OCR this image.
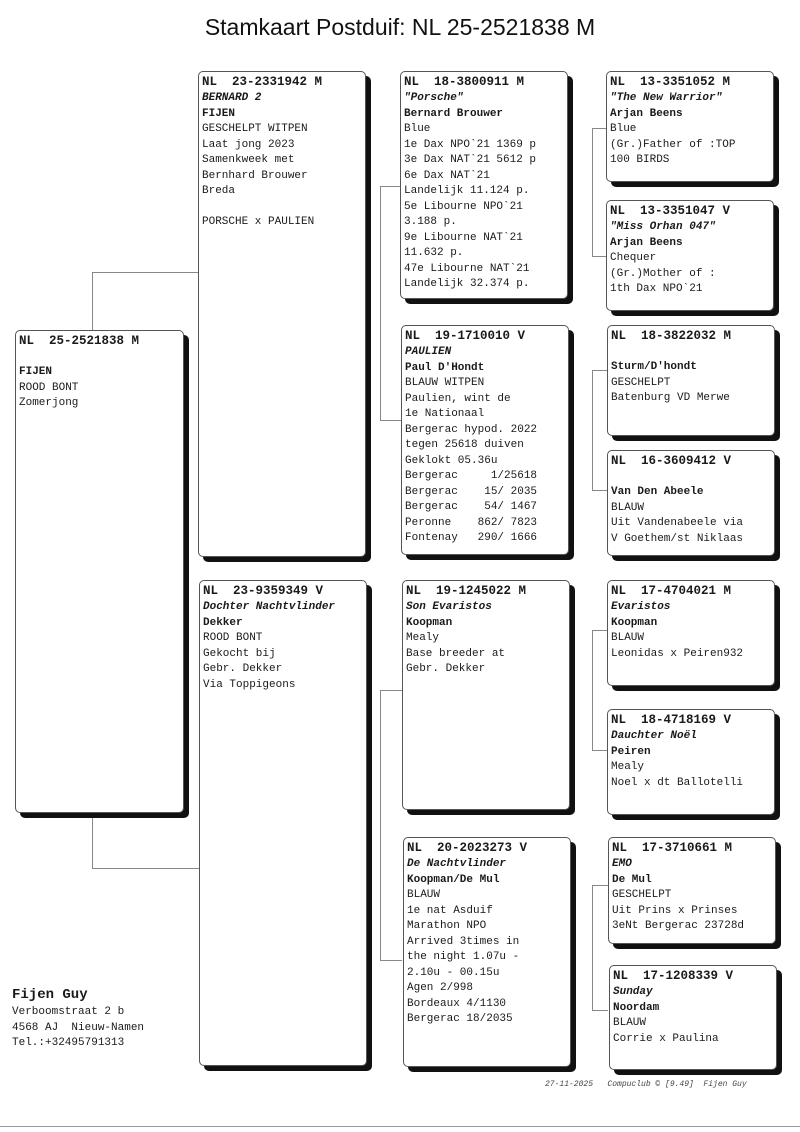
Stamkaart Postduif: NL 25-2521838 M
NL  25-2521838 M
FIJEN
ROOD BONT
Zomerjong
NL  23-2331942 M
BERNARD 2
FIJEN
GESCHELPT WITPEN
Laat jong 2023
Samenkweek met
Bernhard Brouwer
Breda
PORSCHE x PAULIEN
NL  23-9359349 V
Dochter Nachtvlinder
Dekker
ROOD BONT
Gekocht bij
Gebr. Dekker
Via Toppigeons
NL  18-3800911 M
"Porsche"
Bernard Brouwer
Blue
1e Dax NPO`21 1369 p
3e Dax NAT`21 5612 p
6e Dax NAT`21
Landelijk 11.124 p.
5e Libourne NPO`21
3.188 p.
9e Libourne NAT`21
11.632 p.
47e Libourne NAT`21
Landelijk 32.374 p.
NL  19-1710010 V
PAULIEN
Paul D'Hondt
BLAUW WITPEN
Paulien, wint de
1e Nationaal
Bergerac hypod. 2022
tegen 25618 duiven
Geklokt 05.36u
Bergerac     1/25618
Bergerac    15/ 2035
Bergerac    54/ 1467
Peronne    862/ 7823
Fontenay   290/ 1666
NL  19-1245022 M
Son Evaristos
Koopman
Mealy
Base breeder at
Gebr. Dekker
NL  20-2023273 V
De Nachtvlinder
Koopman/De Mul
BLAUW
1e nat Asduif
Marathon NPO
Arrived 3times in
the night 1.07u -
2.10u - 00.15u
Agen 2/998
Bordeaux 4/1130
Bergerac 18/2035
NL  13-3351052 M
"The New Warrior"
Arjan Beens
Blue
(Gr.)Father of :TOP
100 BIRDS
NL  13-3351047 V
"Miss Orhan 047"
Arjan Beens
Chequer
(Gr.)Mother of :
1th Dax NPO`21
NL  18-3822032 M
Sturm/D'hondt
GESCHELPT
Batenburg VD Merwe
NL  16-3609412 V
Van Den Abeele
BLAUW
Uit Vandenabeele via
V Goethem/st Niklaas
NL  17-4704021 M
Evaristos
Koopman
BLAUW
Leonidas x Peiren932
NL  18-4718169 V
Dauchter Noël
Peiren
Mealy
Noel x dt Ballotelli
NL  17-3710661 M
EMO
De Mul
GESCHELPT
Uit Prins x Prinses
3eNt Bergerac 23728d
NL  17-1208339 V
Sunday
Noordam
BLAUW
Corrie x Paulina
Fijen Guy
Verboomstraat 2 b
4568 AJ  Nieuw-Namen
Tel.:+32495791313
27-11-2025   Compuclub © [9.49]  Fijen Guy
